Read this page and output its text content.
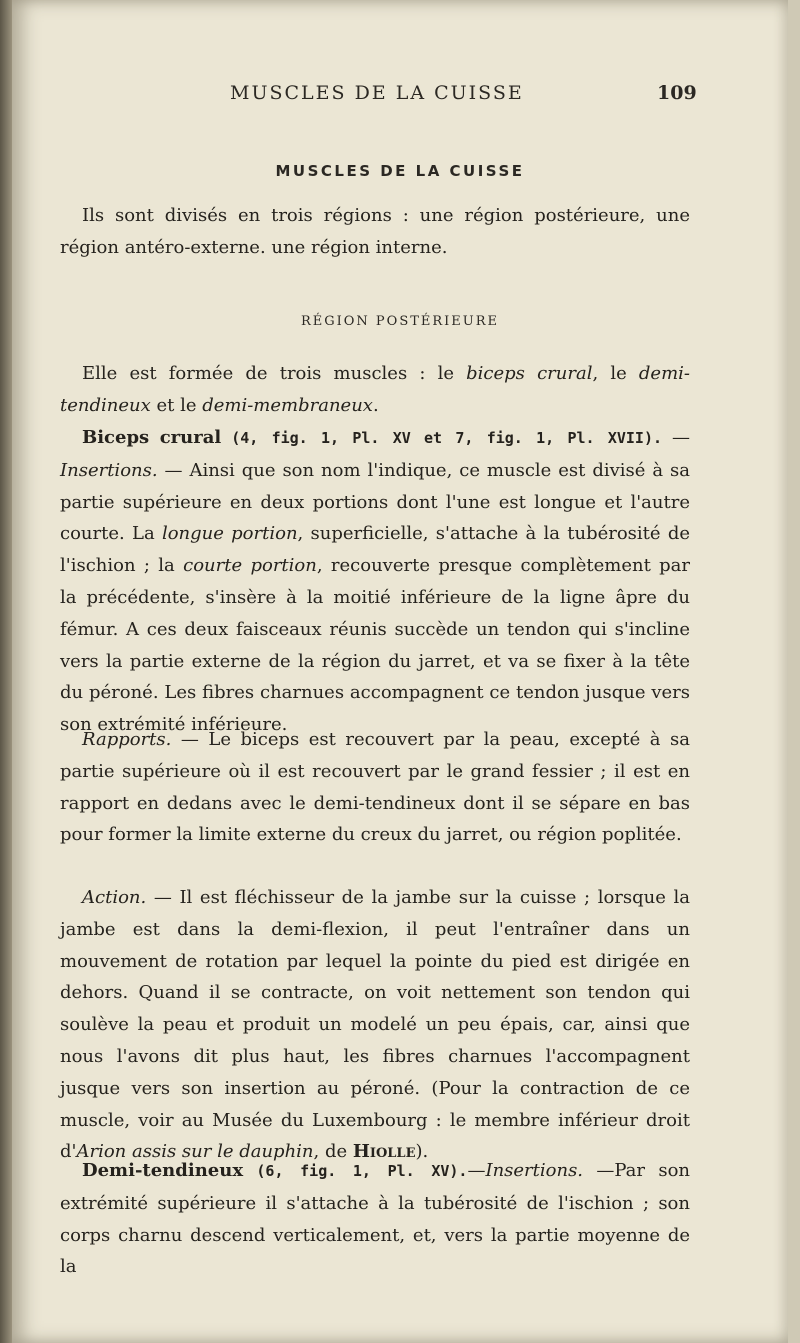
MUSCLES DE LA CUISSE	109
MUSCLES DE LA CUISSE

Ils sont divisés en trois régions : une région postérieure, une région antéro-externe. une région interne.

RÉGION POSTÉRIEURE

Elle est formée de trois muscles : le biceps crural, le demi-tendineux et le demi-membraneux.

Biceps crural (4, fig. 1, Pl. XV et 7, fig. 1, Pl. XVII). — Insertions. — Ainsi que son nom l'indique, ce muscle est divisé à sa partie supérieure en deux portions dont l'une est longue et l'autre courte. La longue portion, superficielle, s'attache à la tubérosité de l'ischion ; la courte portion, recouverte presque complètement par la précédente, s'insère à la moitié inférieure de la ligne âpre du fémur. A ces deux faisceaux réunis succède un tendon qui s'incline vers la partie externe de la région du jarret, et va se fixer à la tête du péroné. Les fibres charnues accompagnent ce tendon jusque vers son extrémité inférieure.

Rapports. — Le biceps est recouvert par la peau, excepté à sa partie supérieure où il est recouvert par le grand fessier ; il est en rapport en dedans avec le demi-tendineux dont il se sépare en bas pour former la limite externe du creux du jarret, ou région poplitée.

Action. — Il est fléchisseur de la jambe sur la cuisse ; lorsque la jambe est dans la demi-flexion, il peut l'entraîner dans un mouvement de rotation par lequel la pointe du pied est dirigée en dehors. Quand il se contracte, on voit nettement son tendon qui soulève la peau et produit un modelé un peu épais, car, ainsi que nous l'avons dit plus haut, les fibres charnues l'accompagnent jusque vers son insertion au péroné. (Pour la contraction de ce muscle, voir au Musée du Luxembourg : le membre inférieur droit d'Arion assis sur le dauphin, de Hiolle).

Demi-tendineux (6, fig. 1, Pl. XV).—Insertions. —Par son extrémité supérieure il s'attache à la tubérosité de l'ischion ; son corps charnu descend verticalement, et, vers la partie moyenne de la
